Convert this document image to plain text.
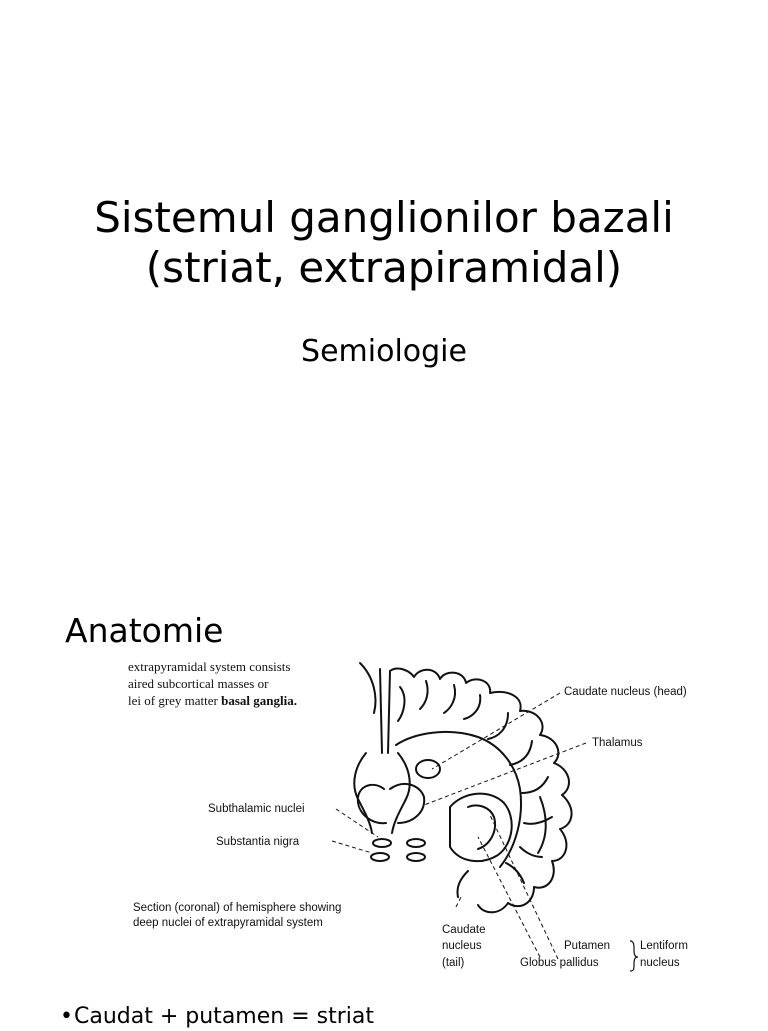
Sistemul ganglionilor bazali
(striat, extrapiramidal)
Semiologie
Anatomie
extrapyramidal system consists
aired subcortical masses or
lei of grey matter basal ganglia.
Caudate nucleus (head)
Thalamus
Subthalamic nuclei
Substantia nigra
Section (coronal) of hemisphere showing
deep nuclei of extrapyramidal system
Caudate
nucleus
(tail)
Putamen
Globus pallidus
Lentiform
nucleus
•Caudat + putamen = striat
